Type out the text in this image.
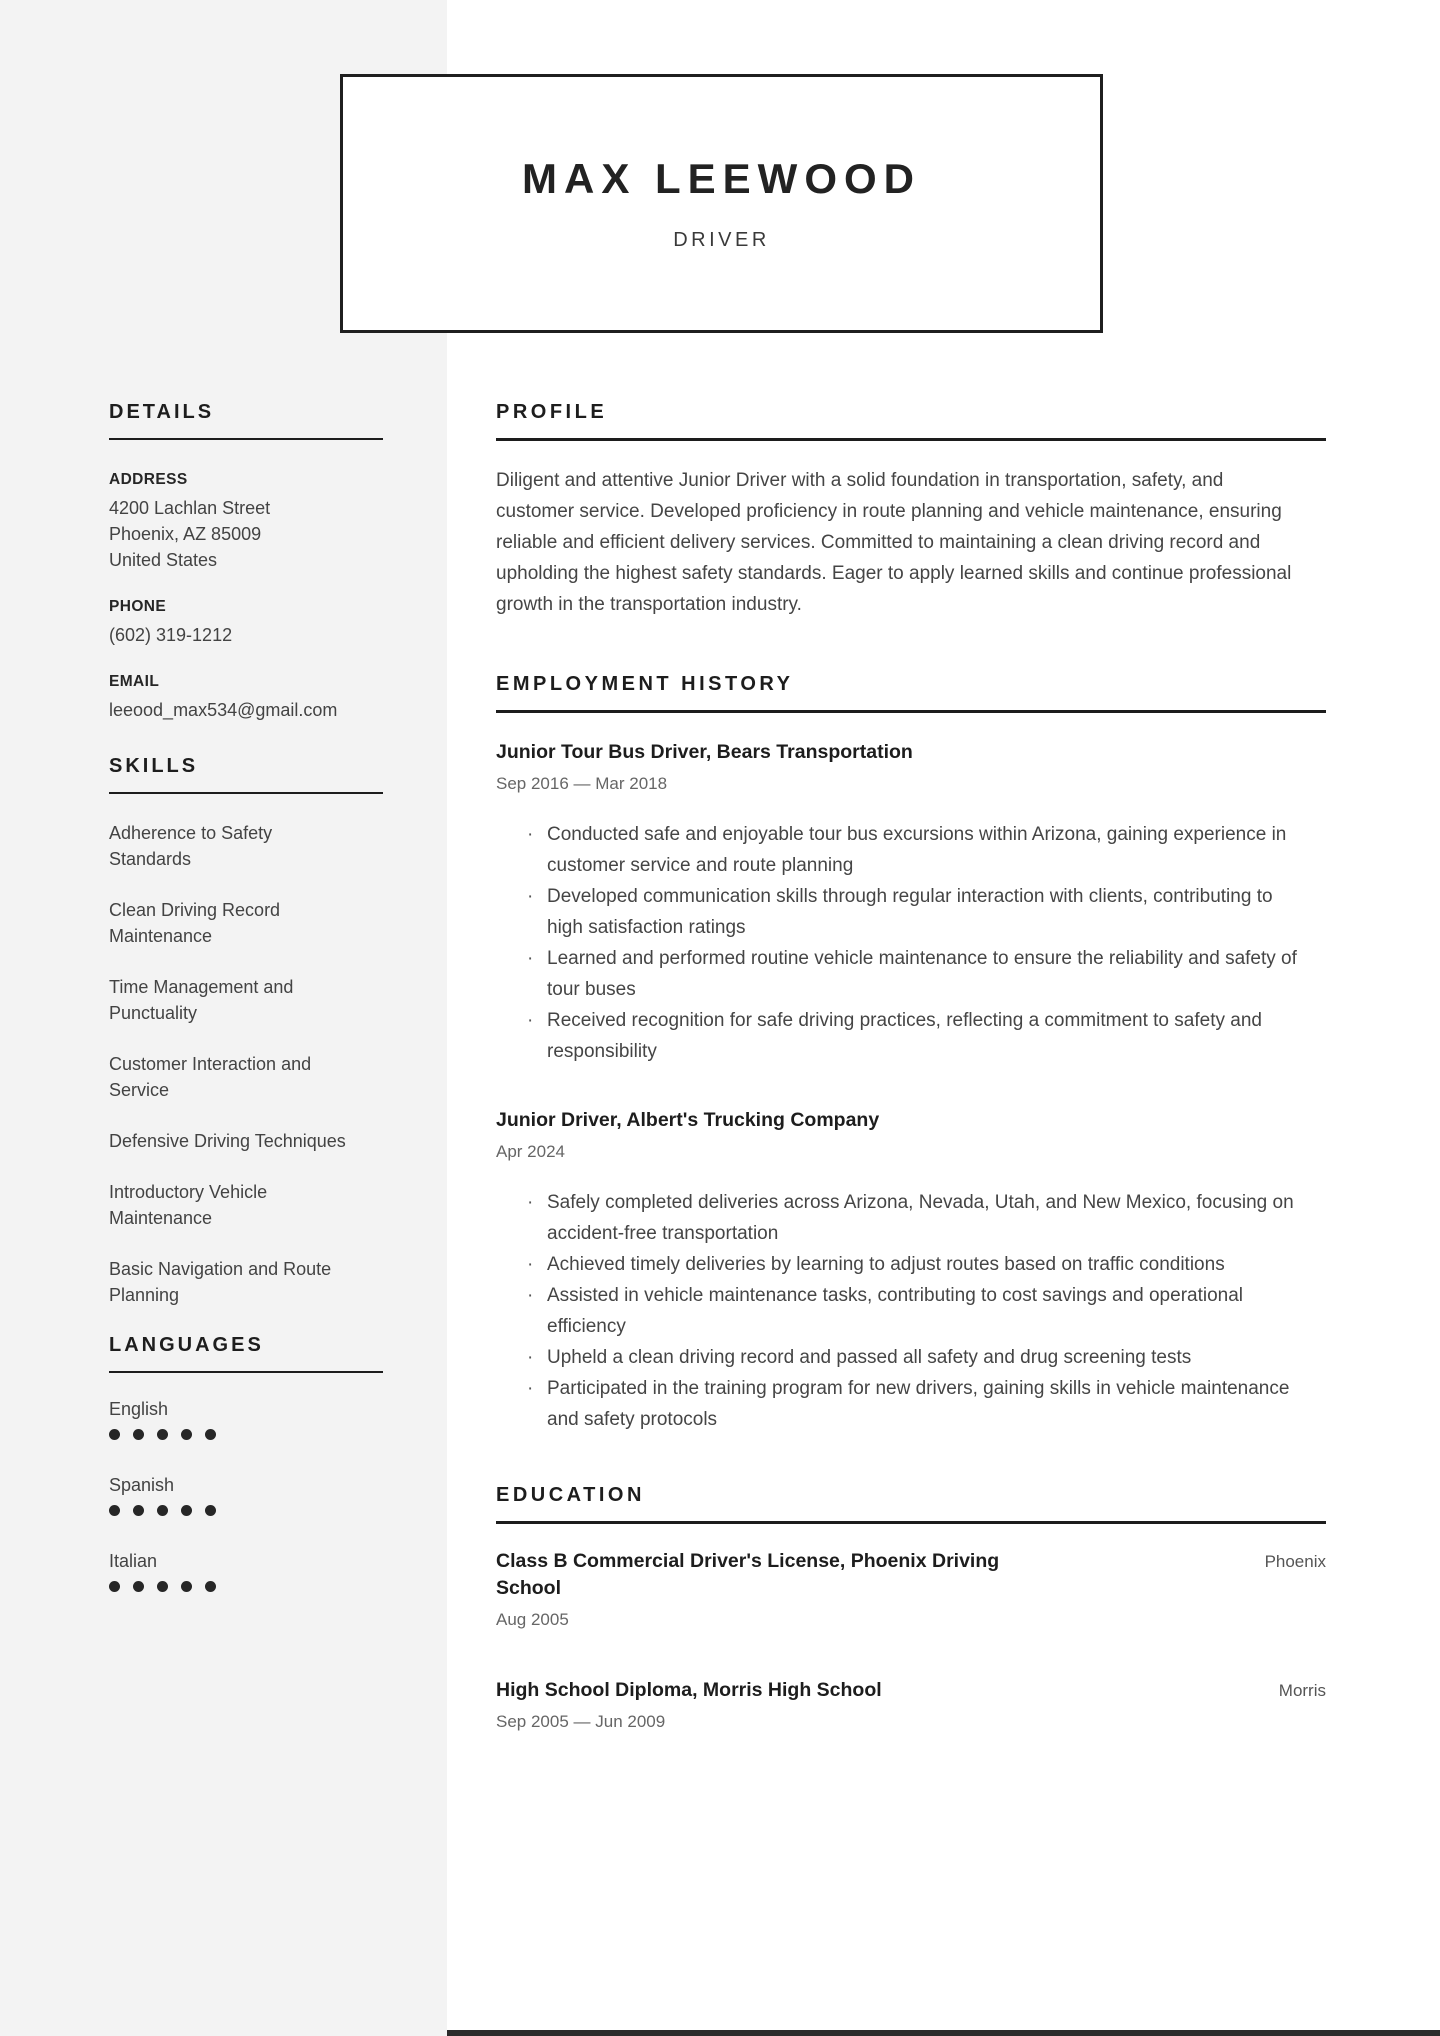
MAX LEEWOOD
DRIVER
DETAILS
ADDRESS
4200 Lachlan Street
Phoenix, AZ 85009
United States
PHONE
(602) 319-1212
EMAIL
leeood_max534@gmail.com
SKILLS
Adherence to Safety Standards
Clean Driving Record Maintenance
Time Management and Punctuality
Customer Interaction and Service
Defensive Driving Techniques
Introductory Vehicle Maintenance
Basic Navigation and Route Planning
LANGUAGES
English
Spanish
Italian
PROFILE
Diligent and attentive Junior Driver with a solid foundation in transportation, safety, and customer service. Developed proficiency in route planning and vehicle maintenance, ensuring reliable and efficient delivery services. Committed to maintaining a clean driving record and upholding the highest safety standards. Eager to apply learned skills and continue professional growth in the transportation industry.
EMPLOYMENT HISTORY
Junior Tour Bus Driver, Bears Transportation
Sep 2016 — Mar 2018
· Conducted safe and enjoyable tour bus excursions within Arizona, gaining experience in customer service and route planning
· Developed communication skills through regular interaction with clients, contributing to high satisfaction ratings
· Learned and performed routine vehicle maintenance to ensure the reliability and safety of tour buses
· Received recognition for safe driving practices, reflecting a commitment to safety and responsibility
Junior Driver, Albert's Trucking Company
Apr 2024
· Safely completed deliveries across Arizona, Nevada, Utah, and New Mexico, focusing on accident-free transportation
· Achieved timely deliveries by learning to adjust routes based on traffic conditions
· Assisted in vehicle maintenance tasks, contributing to cost savings and operational efficiency
· Upheld a clean driving record and passed all safety and drug screening tests
· Participated in the training program for new drivers, gaining skills in vehicle maintenance and safety protocols
EDUCATION
Class B Commercial Driver's License, Phoenix Driving School
Phoenix
Aug 2005
High School Diploma, Morris High School	Morris
Sep 2005 — Jun 2009
